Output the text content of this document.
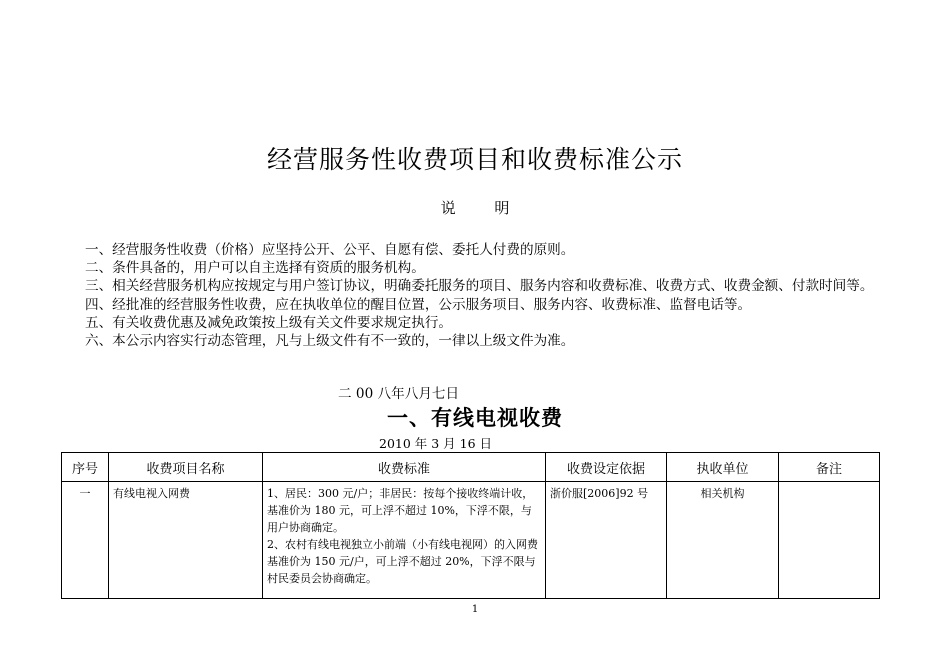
经营服务性收费项目和收费标准公示
说 明

一、经营服务性收费（价格）应坚持公开、公平、自愿有偿、委托人付费的原则。

二、条件具备的，用户可以自主选择有资质的服务机构。

三、相关经营服务机构应按规定与用户签订协议，明确委托服务的项目、服务内容和收费标准、收费方式、收费金额、付款时间等。

四、经批准的经营服务性收费，应在执收单位的醒目位置，公示服务项目、服务内容、收费标准、监督电话等。

五、有关收费优惠及减免政策按上级有关文件要求规定执行。

六、本公示内容实行动态管理，凡与上级文件有不一致的，一律以上级文件为准。

二 00 八年八月七日
一、有线电视收费
2010 年 3 月 16 日
序号	收费项目名称	收费标准	收费设定依据	执收单位	备注
一	有线电视入网费	1、居民：300 元/户；非居民：按每个接收终端计收，基准价为 180 元，可上浮不超过 10%，下浮不限，与用户协商确定。
2、农村有线电视独立小前端（小有线电视网）的入网费基准价为 150 元/户，可上浮不超过 20%，下浮不限与村民委员会协商确定。	浙价服[2006]92 号	相关机构	
1
